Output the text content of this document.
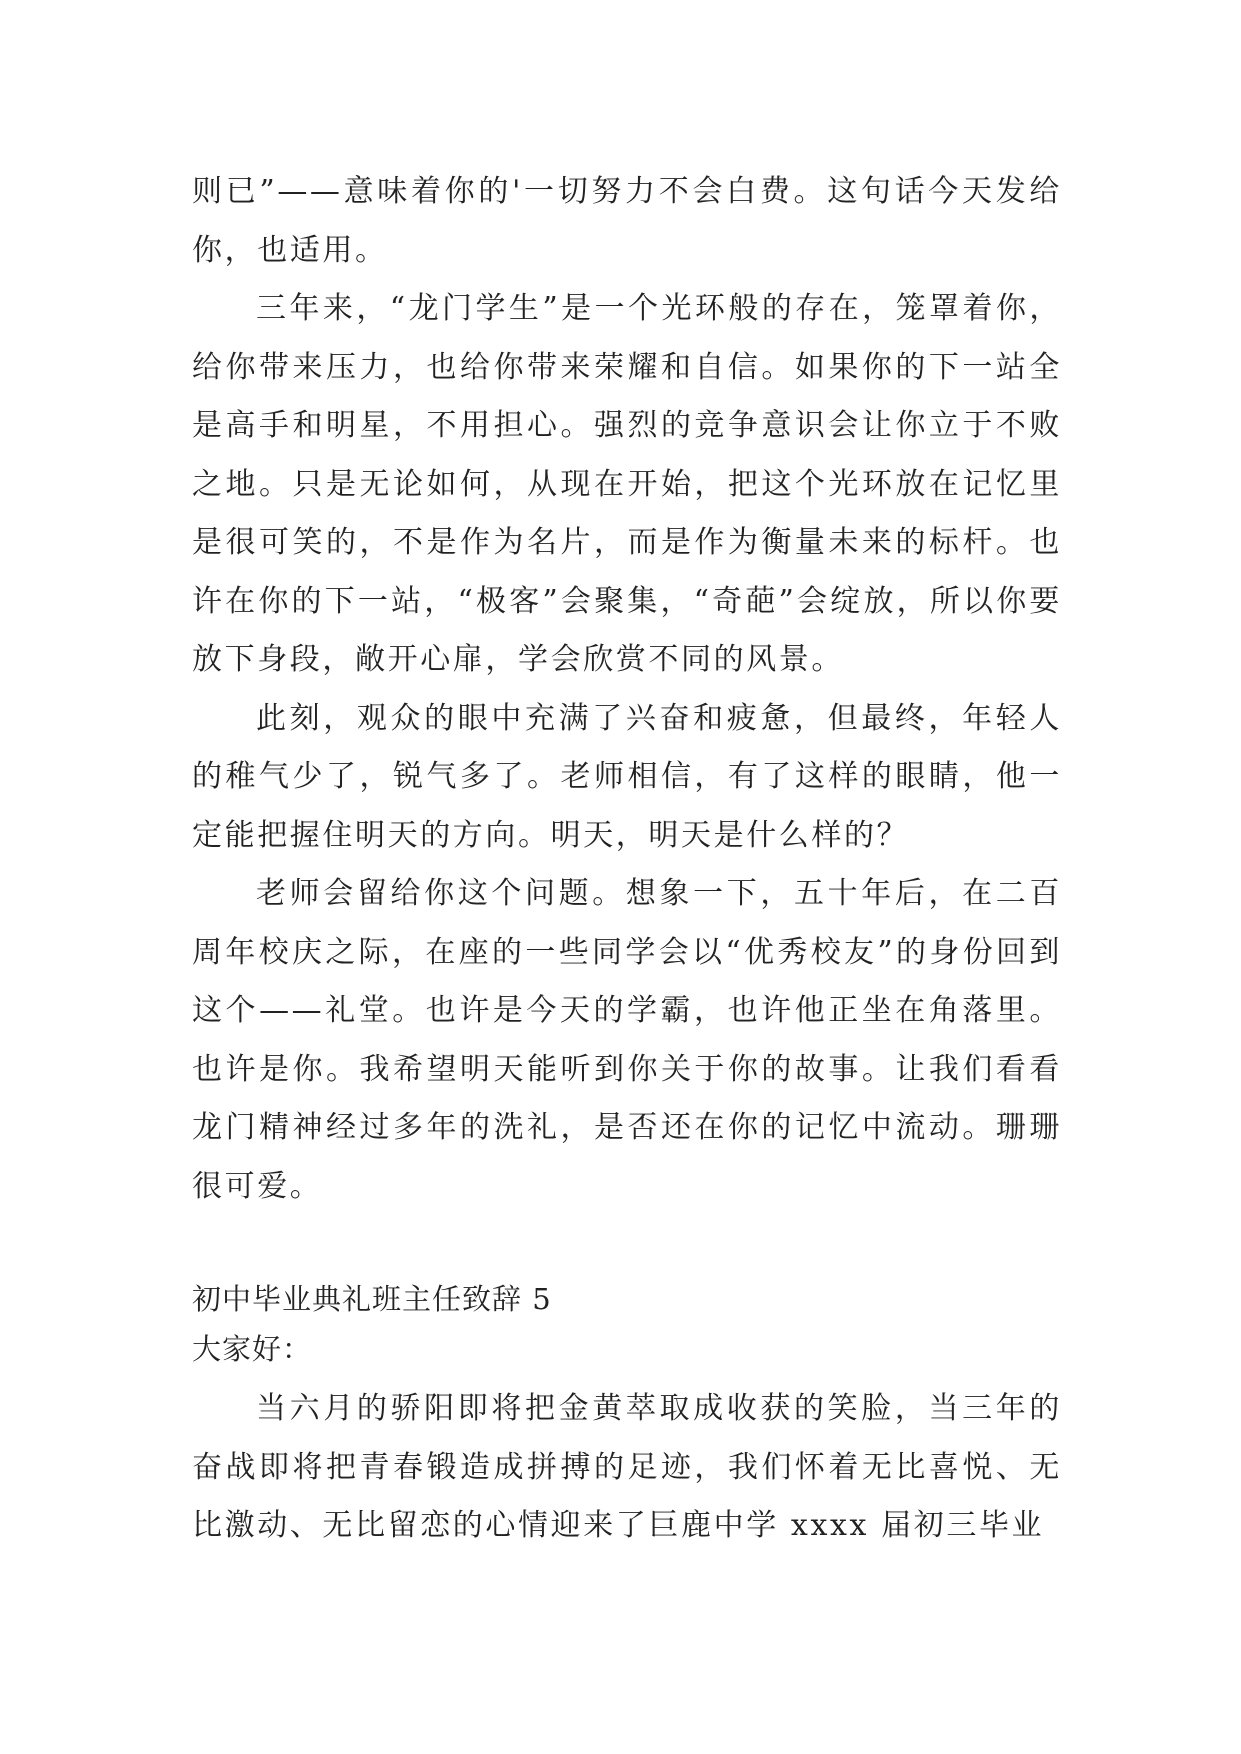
则已”——意味着你的'一切努力不会白费。这句话今天发给你，也适用。

三年来，“龙门学生”是一个光环般的存在，笼罩着你，给你带来压力，也给你带来荣耀和自信。如果你的下一站全是高手和明星，不用担心。强烈的竞争意识会让你立于不败之地。只是无论如何，从现在开始，把这个光环放在记忆里是很可笑的，不是作为名片，而是作为衡量未来的标杆。也许在你的下一站，“极客”会聚集，“奇葩”会绽放，所以你要放下身段，敞开心扉，学会欣赏不同的风景。

此刻，观众的眼中充满了兴奋和疲惫，但最终，年轻人的稚气少了，锐气多了。老师相信，有了这样的眼睛，他一定能把握住明天的方向。明天，明天是什么样的？

老师会留给你这个问题。想象一下，五十年后，在二百周年校庆之际，在座的一些同学会以“优秀校友”的身份回到这个——礼堂。也许是今天的学霸，也许他正坐在角落里。也许是你。我希望明天能听到你关于你的故事。让我们看看龙门精神经过多年的洗礼，是否还在你的记忆中流动。珊珊很可爱。

初中毕业典礼班主任致辞 5

大家好：

当六月的骄阳即将把金黄萃取成收获的笑脸，当三年的奋战即将把青春锻造成拼搏的足迹，我们怀着无比喜悦、无比激动、无比留恋的心情迎来了巨鹿中学 xxxx 届初三毕业
